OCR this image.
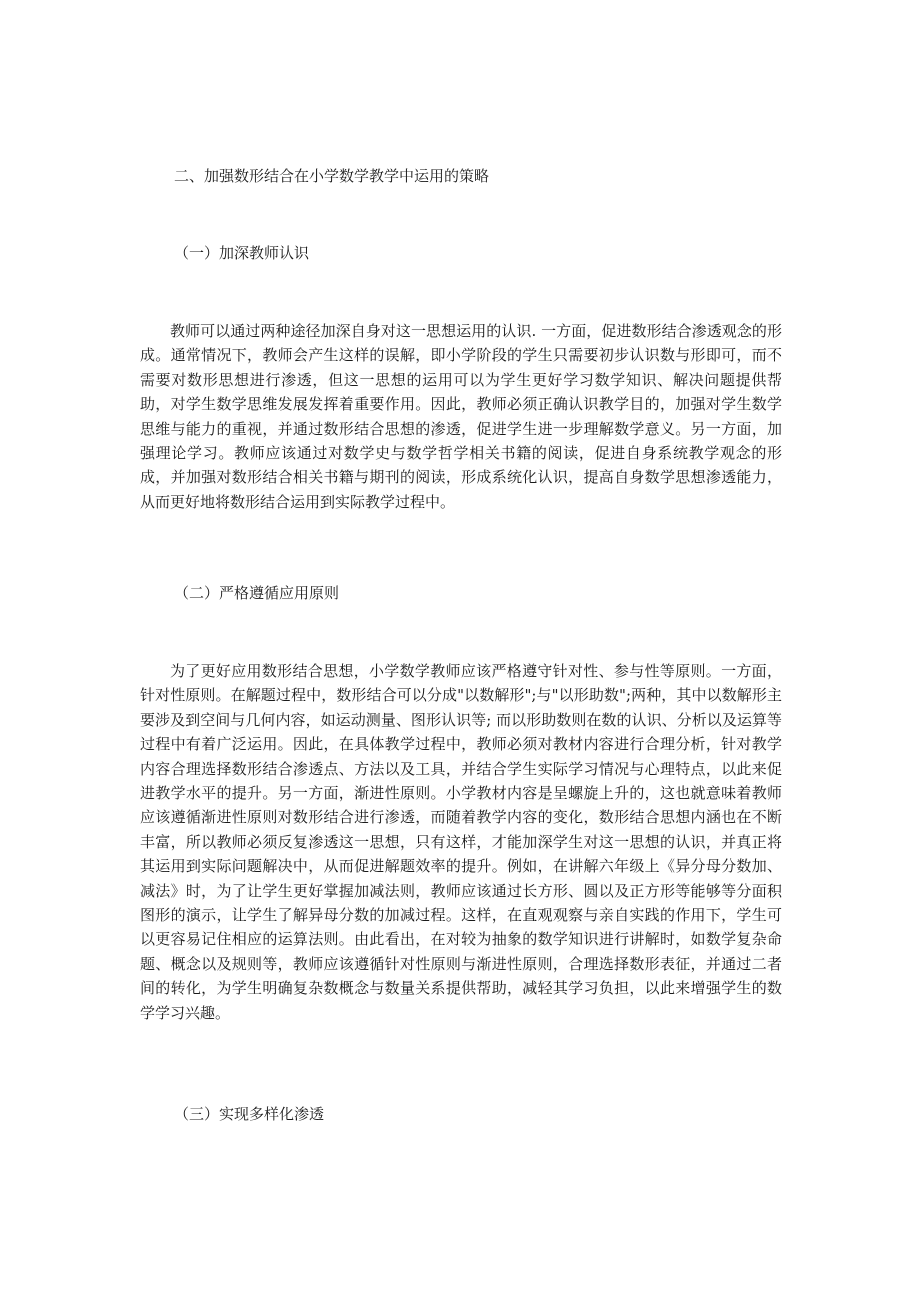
二、加强数形结合在小学数学教学中运用的策略
（一）加深教师认识

教师可以通过两种途径加深自身对这一思想运用的认识. 一方面，促进数形结合渗透观念的形成。通常情况下，教师会产生这样的误解，即小学阶段的学生只需要初步认识数与形即可，而不需要对数形思想进行渗透，但这一思想的运用可以为学生更好学习数学知识、解决问题提供帮助，对学生数学思维发展发挥着重要作用。因此，教师必须正确认识教学目的，加强对学生数学思维与能力的重视，并通过数形结合思想的渗透，促进学生进一步理解数学意义。另一方面，加强理论学习。教师应该通过对数学史与数学哲学相关书籍的阅读，促进自身系统教学观念的形成，并加强对数形结合相关书籍与期刊的阅读，形成系统化认识，提高自身数学思想渗透能力，从而更好地将数形结合运用到实际教学过程中。

（二）严格遵循应用原则

为了更好应用数形结合思想，小学数学教师应该严格遵守针对性、参与性等原则。一方面，针对性原则。在解题过程中，数形结合可以分成"以数解形";与"以形助数";两种，其中以数解形主要涉及到空间与几何内容，如运动测量、图形认识等; 而以形助数则在数的认识、分析以及运算等过程中有着广泛运用。因此，在具体教学过程中，教师必须对教材内容进行合理分析，针对教学内容合理选择数形结合渗透点、方法以及工具，并结合学生实际学习情况与心理特点，以此来促进教学水平的提升。另一方面，渐进性原则。小学教材内容是呈螺旋上升的，这也就意味着教师应该遵循渐进性原则对数形结合进行渗透，而随着教学内容的变化，数形结合思想内涵也在不断丰富，所以教师必须反复渗透这一思想，只有这样，才能加深学生对这一思想的认识，并真正将其运用到实际问题解决中，从而促进解题效率的提升。例如，在讲解六年级上《异分母分数加、减法》时，为了让学生更好掌握加减法则，教师应该通过长方形、圆以及正方形等能够等分面积图形的演示，让学生了解异母分数的加减过程。这样，在直观观察与亲自实践的作用下，学生可以更容易记住相应的运算法则。由此看出，在对较为抽象的数学知识进行讲解时，如数学复杂命题、概念以及规则等，教师应该遵循针对性原则与渐进性原则，合理选择数形表征，并通过二者间的转化，为学生明确复杂数概念与数量关系提供帮助，减轻其学习负担，以此来增强学生的数学学习兴趣。

（三）实现多样化渗透
